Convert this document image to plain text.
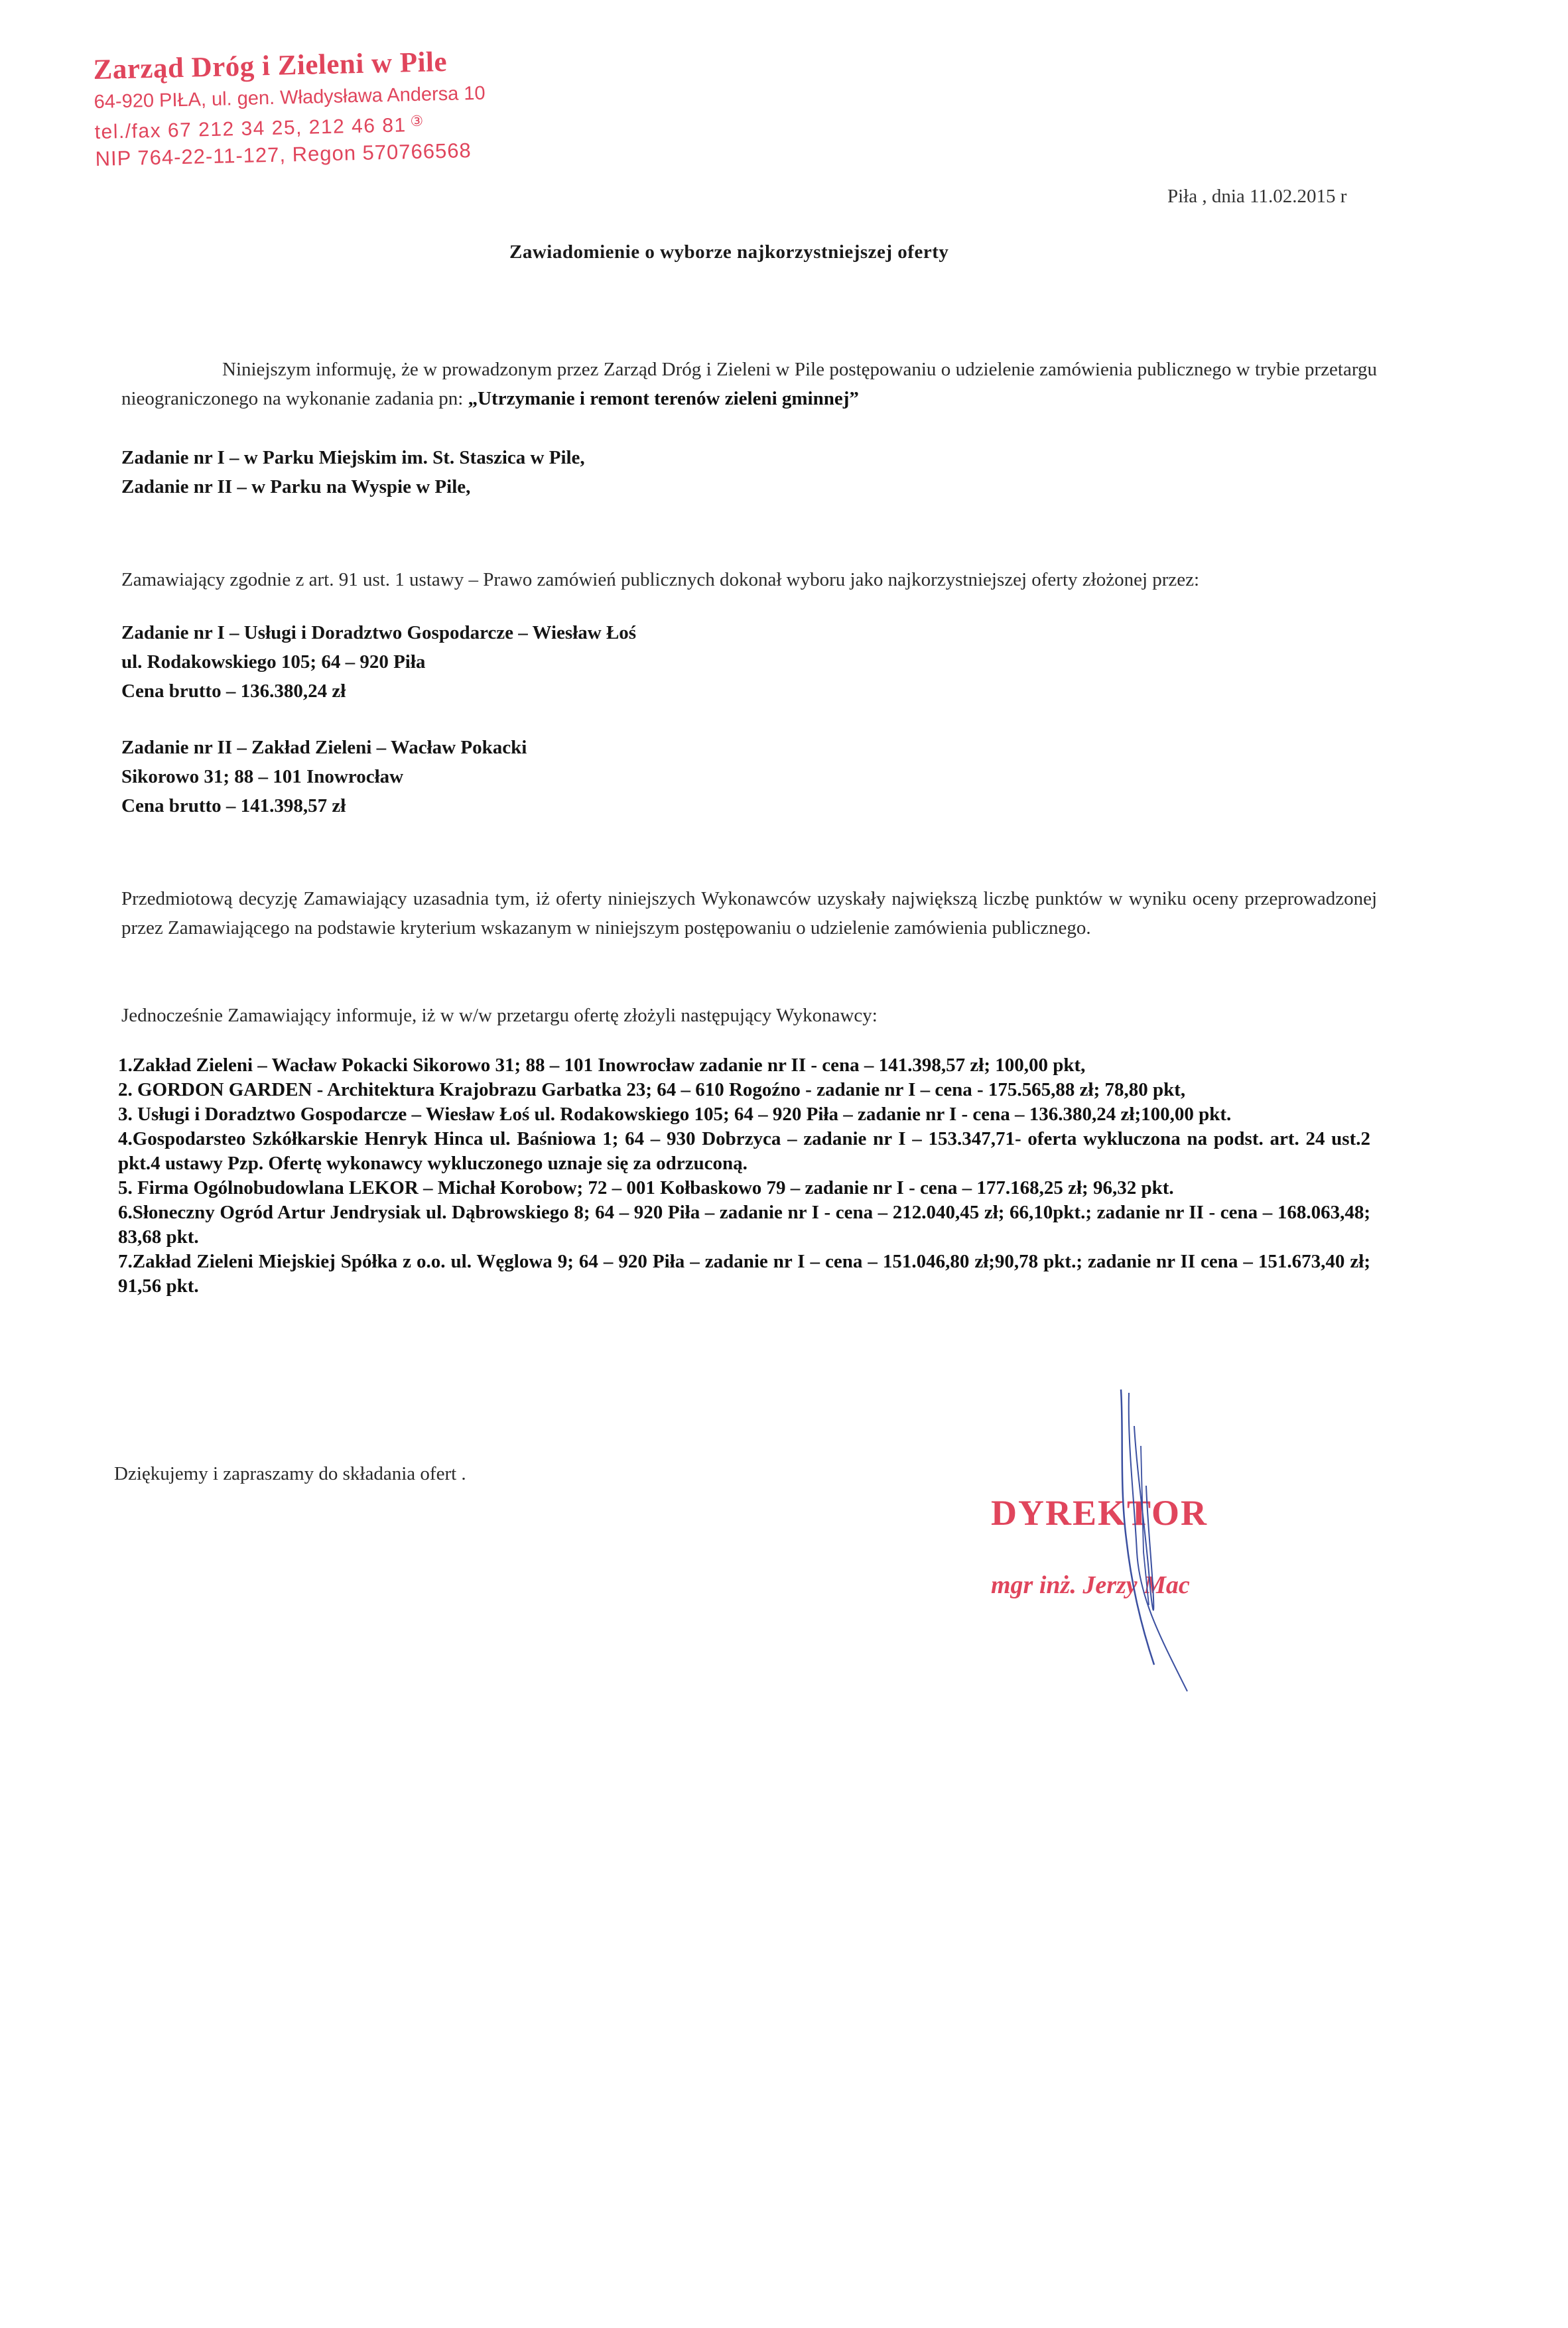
Zarząd Dróg i Zieleni w Pile
64-920 PIŁA, ul. gen. Władysława Andersa 10
tel./fax 67 212 34 25, 212 46 81 ③
NIP 764-22-11-127, Regon 570766568
Piła , dnia 11.02.2015 r
Zawiadomienie o wyborze najkorzystniejszej oferty
Niniejszym informuję, że w prowadzonym przez Zarząd Dróg i Zieleni w Pile postępowaniu o udzielenie zamówienia publicznego w trybie przetargu nieograniczonego na wykonanie zadania pn: „Utrzymanie i remont terenów zieleni gminnej”
Zadanie nr I – w Parku Miejskim im. St. Staszica w Pile,
Zadanie nr II – w Parku na Wyspie w Pile,
Zamawiający zgodnie z art. 91 ust. 1 ustawy – Prawo zamówień publicznych dokonał wyboru jako najkorzystniejszej oferty złożonej przez:
Zadanie nr I – Usługi i Doradztwo Gospodarcze – Wiesław Łoś
ul. Rodakowskiego 105; 64 – 920 Piła
Cena brutto – 136.380,24 zł
Zadanie nr II – Zakład Zieleni – Wacław Pokacki
Sikorowo 31; 88 – 101 Inowrocław
Cena brutto – 141.398,57 zł
Przedmiotową decyzję Zamawiający uzasadnia tym, iż oferty niniejszych Wykonawców uzyskały największą liczbę punktów w wyniku oceny przeprowadzonej przez Zamawiającego na podstawie kryterium wskazanym w niniejszym postępowaniu o udzielenie zamówienia publicznego.
Jednocześnie Zamawiający informuje, iż w w/w przetargu ofertę złożyli następujący Wykonawcy:

1.Zakład Zieleni – Wacław Pokacki Sikorowo 31; 88 – 101 Inowrocław zadanie nr II - cena – 141.398,57 zł; 100,00 pkt,

2. GORDON GARDEN - Architektura Krajobrazu Garbatka 23; 64 – 610 Rogoźno - zadanie nr I – cena - 175.565,88 zł; 78,80 pkt,

3. Usługi i Doradztwo Gospodarcze – Wiesław Łoś ul. Rodakowskiego 105; 64 – 920 Piła – zadanie nr I - cena – 136.380,24 zł;100,00 pkt.

4.Gospodarsteo Szkółkarskie Henryk Hinca ul. Baśniowa 1; 64 – 930 Dobrzyca – zadanie nr I – 153.347,71- oferta wykluczona na podst. art. 24 ust.2 pkt.4 ustawy Pzp. Ofertę wykonawcy wykluczonego uznaje się za odrzuconą.

5. Firma Ogólnobudowlana LEKOR – Michał Korobow; 72 – 001 Kołbaskowo 79 – zadanie nr I - cena – 177.168,25 zł; 96,32 pkt.

6.Słoneczny Ogród Artur Jendrysiak ul. Dąbrowskiego 8; 64 – 920 Piła – zadanie nr I - cena – 212.040,45 zł; 66,10pkt.; zadanie nr II - cena – 168.063,48; 83,68 pkt.

7.Zakład Zieleni Miejskiej Spółka z o.o. ul. Węglowa 9; 64 – 920 Piła – zadanie nr I – cena – 151.046,80 zł;90,78 pkt.; zadanie nr II cena – 151.673,40 zł; 91,56 pkt.

Dziękujemy i zapraszamy do składania ofert .
DYREKTOR
mgr inż. Jerzy Mac
